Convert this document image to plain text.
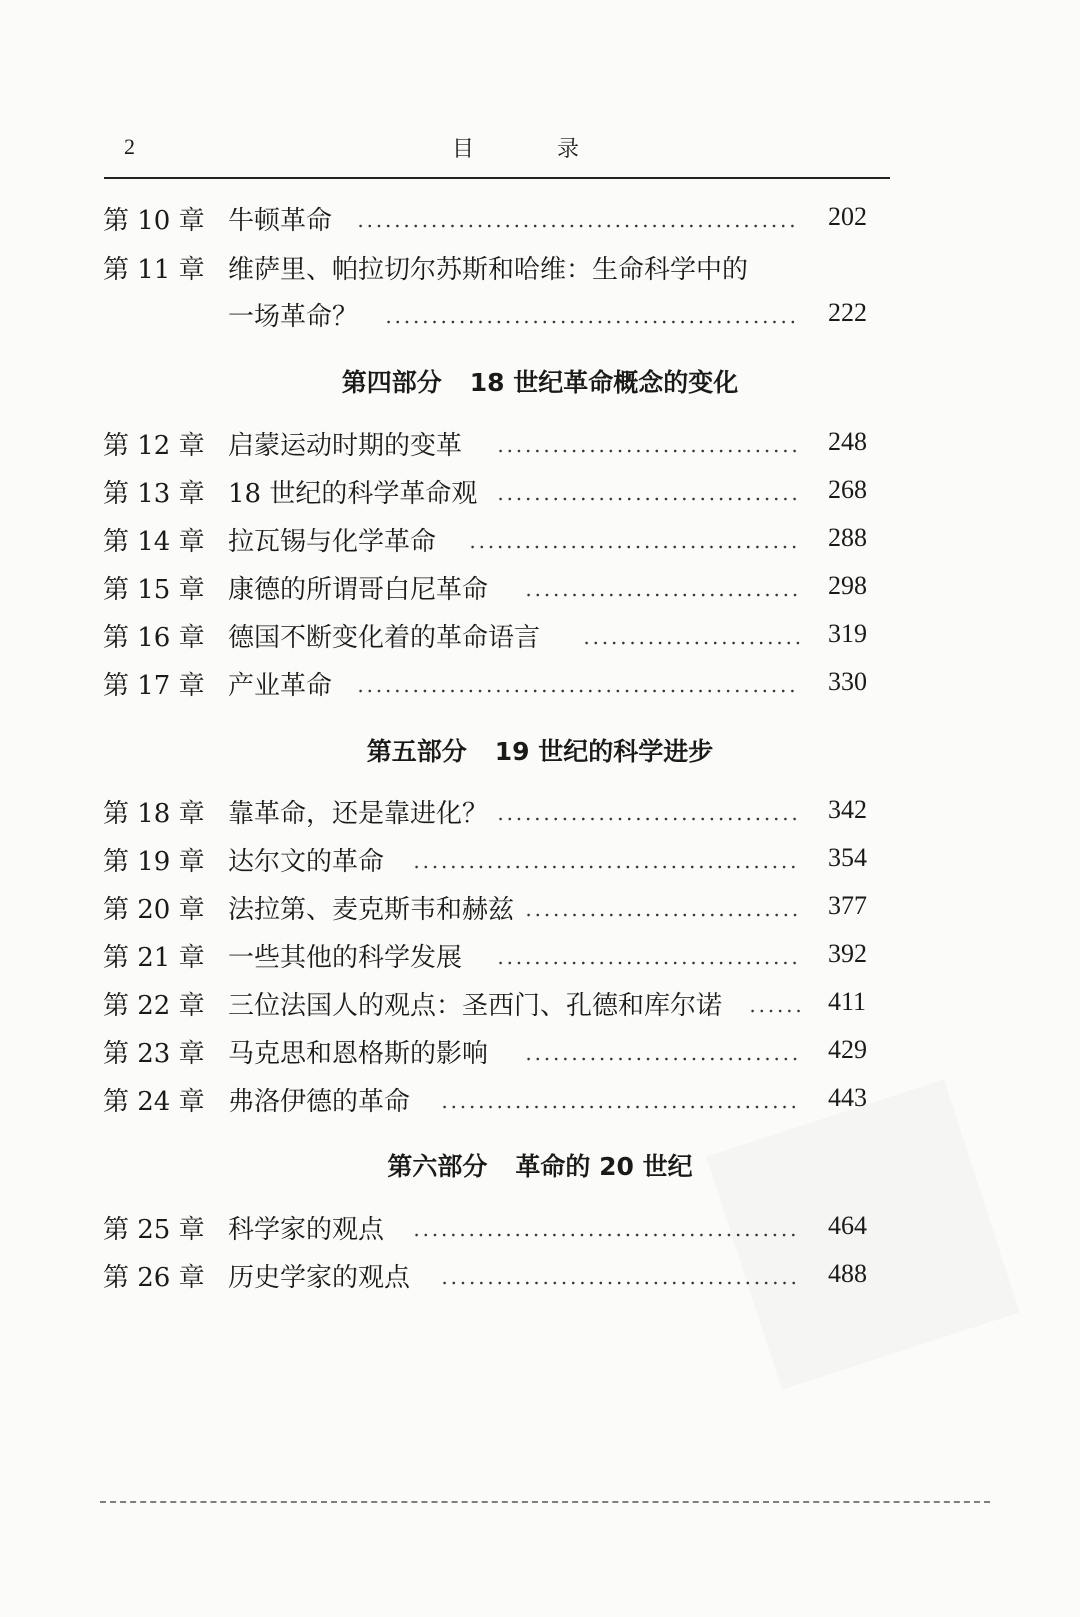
2	目 录
第 10 章 牛顿革命	202
第 11 章 维萨里、帕拉切尔苏斯和哈维：生命科学中的
一场革命？	222
第四部分 18 世纪革命概念的变化
第 12 章 启蒙运动时期的变革	248
第 13 章 18 世纪的科学革命观	268
第 14 章 拉瓦锡与化学革命	288
第 15 章 康德的所谓哥白尼革命	298
第 16 章 德国不断变化着的革命语言	319
第 17 章 产业革命	330
第五部分 19 世纪的科学进步
第 18 章 靠革命，还是靠进化？	342
第 19 章 达尔文的革命	354
第 20 章 法拉第、麦克斯韦和赫兹	377
第 21 章 一些其他的科学发展	392
第 22 章 三位法国人的观点：圣西门、孔德和库尔诺	411
第 23 章 马克思和恩格斯的影响	429
第 24 章 弗洛伊德的革命	443
第六部分 革命的 20 世纪
第 25 章 科学家的观点	464
第 26 章 历史学家的观点	488
